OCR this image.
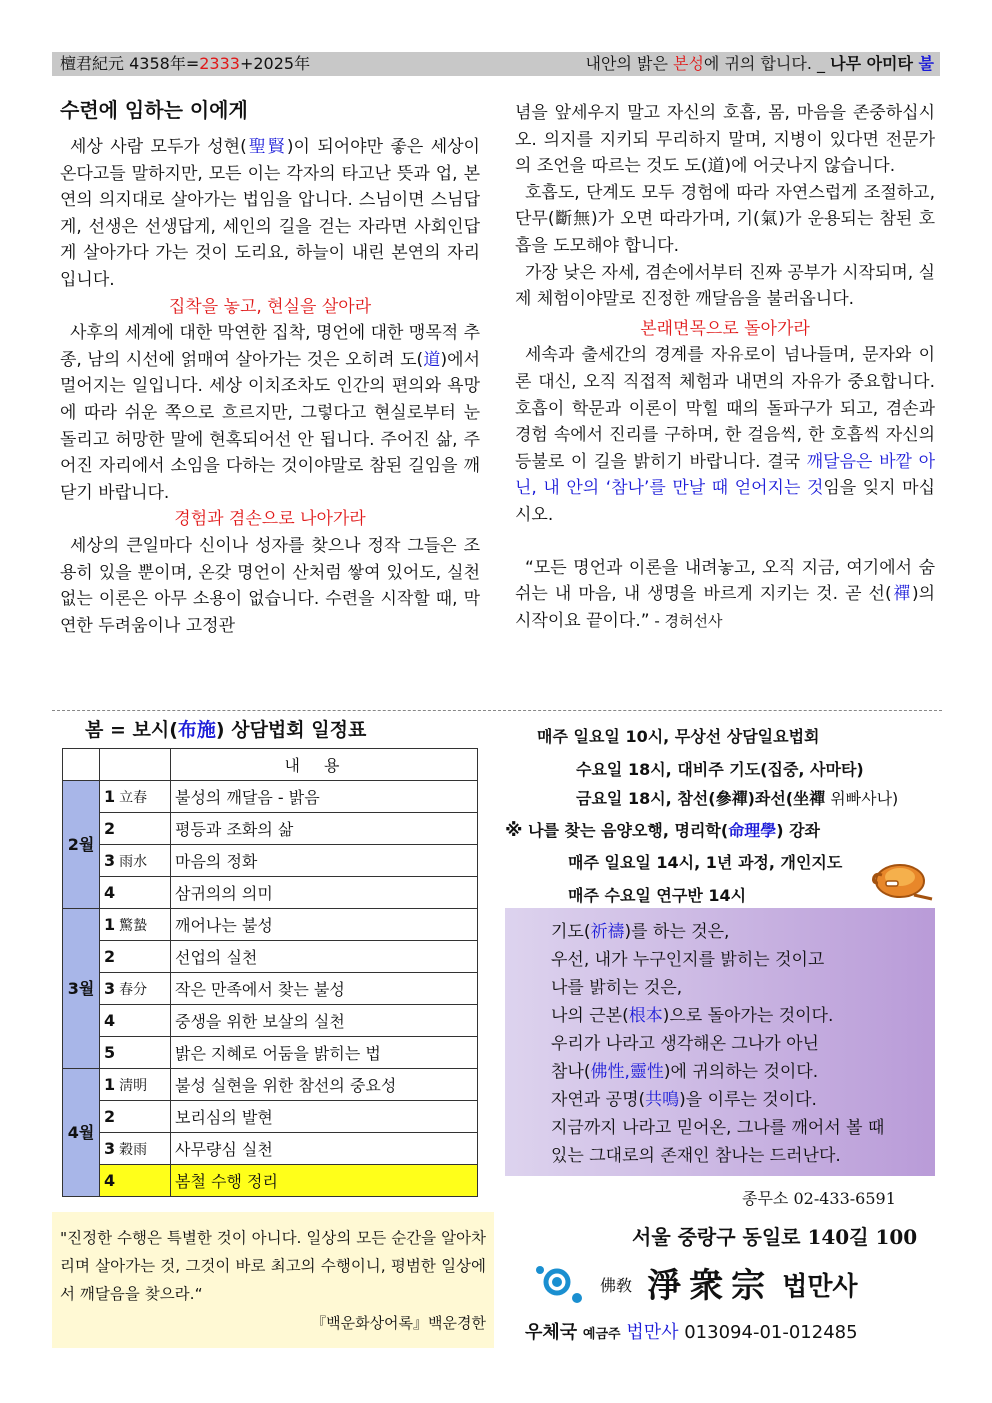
檀君紀元 4358年=2333+2025年	내안의 밝은 본성에 귀의 합니다. _ 나무 아미타 불
수련에 임하는 이에게

세상 사람 모두가 성현(聖賢)이 되어야만 좋은 세상이 온다고들 말하지만, 모든 이는 각자의 타고난 뜻과 업, 본연의 의지대로 살아가는 법임을 압니다. 스님이면 스님답게, 선생은 선생답게, 세인의 길을 걷는 자라면 사회인답게 살아가다 가는 것이 도리요, 하늘이 내린 본연의 자리입니다.

집착을 놓고, 현실을 살아라

사후의 세계에 대한 막연한 집착, 명언에 대한 맹목적 추종, 남의 시선에 얽매여 살아가는 것은 오히려 도(道)에서 멀어지는 일입니다. 세상 이치조차도 인간의 편의와 욕망에 따라 쉬운 쪽으로 흐르지만, 그렇다고 현실로부터 눈 돌리고 허망한 말에 현혹되어선 안 됩니다. 주어진 삶, 주어진 자리에서 소임을 다하는 것이야말로 참된 길임을 깨닫기 바랍니다.

경험과 겸손으로 나아가라

세상의 큰일마다 신이나 성자를 찾으나 정작 그들은 조용히 있을 뿐이며, 온갖 명언이 산처럼 쌓여 있어도, 실천 없는 이론은 아무 소용이 없습니다. 수련을 시작할 때, 막연한 두려움이나 고정관

념을 앞세우지 말고 자신의 호흡, 몸, 마음을 존중하십시오. 의지를 지키되 무리하지 말며, 지병이 있다면 전문가의 조언을 따르는 것도 도(道)에 어긋나지 않습니다.

호흡도, 단계도 모두 경험에 따라 자연스럽게 조절하고, 단무(斷無)가 오면 따라가며, 기(氣)가 운용되는 참된 호흡을 도모해야 합니다.

가장 낮은 자세, 겸손에서부터 진짜 공부가 시작되며, 실제 체험이야말로 진정한 깨달음을 불러옵니다.

본래면목으로 돌아가라

세속과 출세간의 경계를 자유로이 넘나들며, 문자와 이론 대신, 오직 직접적 체험과 내면의 자유가 중요합니다. 호흡이 학문과 이론이 막힐 때의 돌파구가 되고, 겸손과 경험 속에서 진리를 구하며, 한 걸음씩, 한 호흡씩 자신의 등불로 이 길을 밝히기 바랍니다. 결국 깨달음은 바깥 아닌, 내 안의 ‘참나’를 만날 때 얻어지는 것임을 잊지 마십시오.

“모든 명언과 이론을 내려놓고, 오직 지금, 여기에서 숨 쉬는 내 마음, 내 생명을 바르게 지키는 것. 곧 선(禪)의 시작이요 끝이다.” - 경허선사

봄 = 보시(布施) 상담법회 일정표
		내용
2월	1 立春	불성의 깨달음 - 밝음
	2	평등과 조화의 삶
	3 雨水	마음의 정화
	4	삼귀의의 의미
3월	1 驚蟄	깨어나는 불성
	2	선업의 실천
	3 春分	작은 만족에서 찾는 불성
	4	중생을 위한 보살의 실천
	5	밝은 지혜로 어둠을 밝히는 법
4월	1 淸明	불성 실현을 위한 참선의 중요성
	2	보리심의 발현
	3 穀雨	사무량심 실천
	4	봄철 수행 정리
매주 일요일 10시, 무상선 상담일요법회
수요일 18시, 대비주 기도(집중, 사마타)
금요일 18시, 참선(參禪)좌선(坐禪 위빠사나)
※ 나를 찾는 음양오행, 명리학(命理學) 강좌
매주 일요일 14시, 1년 과정, 개인지도
매주 수요일 연구반 14시
기도(祈禱)를 하는 것은,
우선, 내가 누구인지를 밝히는 것이고
나를 밝히는 것은,
나의 근본(根本)으로 돌아가는 것이다.
우리가 나라고 생각해온 그나가 아닌
참나(佛性,靈性)에 귀의하는 것이다.
자연과 공명(共鳴)을 이루는 것이다.
지금까지 나라고 믿어온, 그나를 깨어서 볼 때
있는 그대로의 존재인 참나는 드러난다.
"진정한 수행은 특별한 것이 아니다. 일상의 모든 순간을 알아차리며 살아가는 것, 그것이 바로 최고의 수행이니, 평범한 일상에서 깨달음을 찾으라.“
『백운화상어록』백운경한
종무소 02-433-6591
서울 중랑구 동일로 140길 100
佛敎 淨衆宗 법만사
우체국 예금주 법만사 013094-01-012485
